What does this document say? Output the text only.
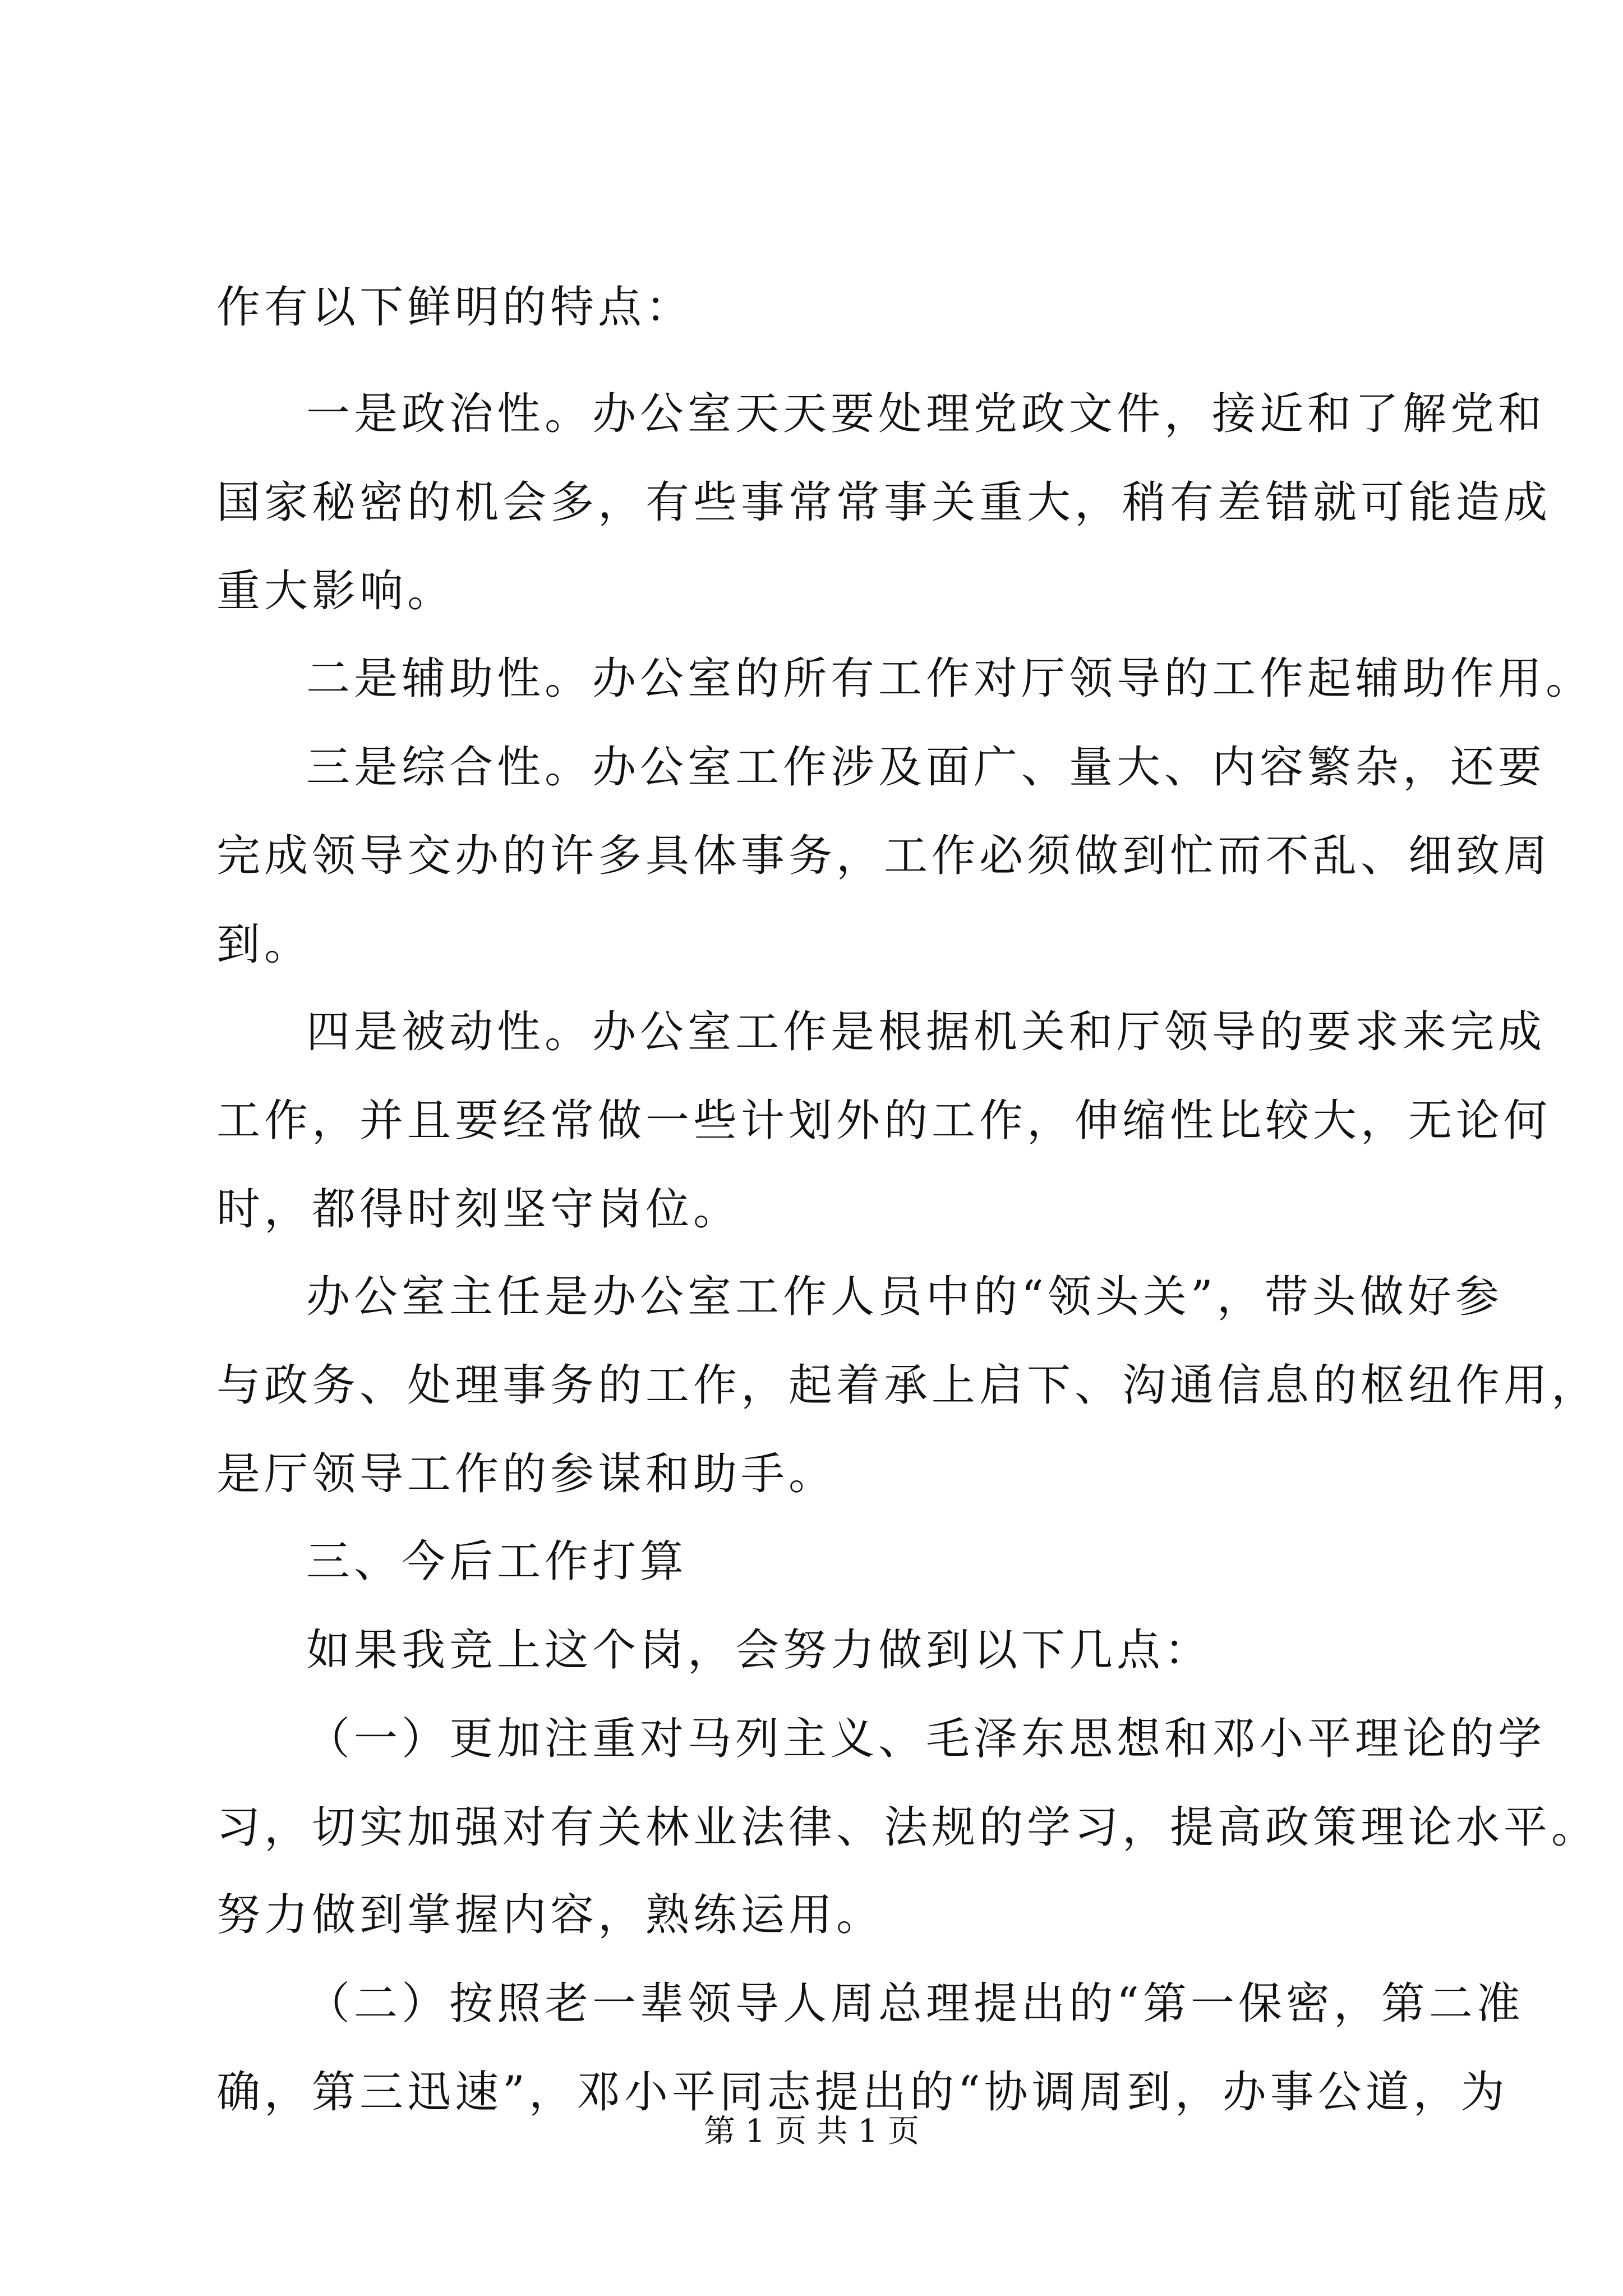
作有以下鲜明的特点：
一是政治性。办公室天天要处理党政文件，接近和了解党和
国家秘密的机会多，有些事常常事关重大，稍有差错就可能造成
重大影响。
二是辅助性。办公室的所有工作对厅领导的工作起辅助作用。
三是综合性。办公室工作涉及面广、量大、内容繁杂，还要
完成领导交办的许多具体事务，工作必须做到忙而不乱、细致周
到。
四是被动性。办公室工作是根据机关和厅领导的要求来完成
工作，并且要经常做一些计划外的工作，伸缩性比较大，无论何
时，都得时刻坚守岗位。
办公室主任是办公室工作人员中的“领头关”，带头做好参
与政务、处理事务的工作，起着承上启下、沟通信息的枢纽作用，
是厅领导工作的参谋和助手。
三、今后工作打算
如果我竞上这个岗，会努力做到以下几点：
（一）更加注重对马列主义、毛泽东思想和邓小平理论的学
习，切实加强对有关林业法律、法规的学习，提高政策理论水平。
努力做到掌握内容，熟练运用。
（二）按照老一辈领导人周总理提出的“第一保密，第二准
确，第三迅速”，邓小平同志提出的“协调周到，办事公道，为
第 1 页 共 1 页
